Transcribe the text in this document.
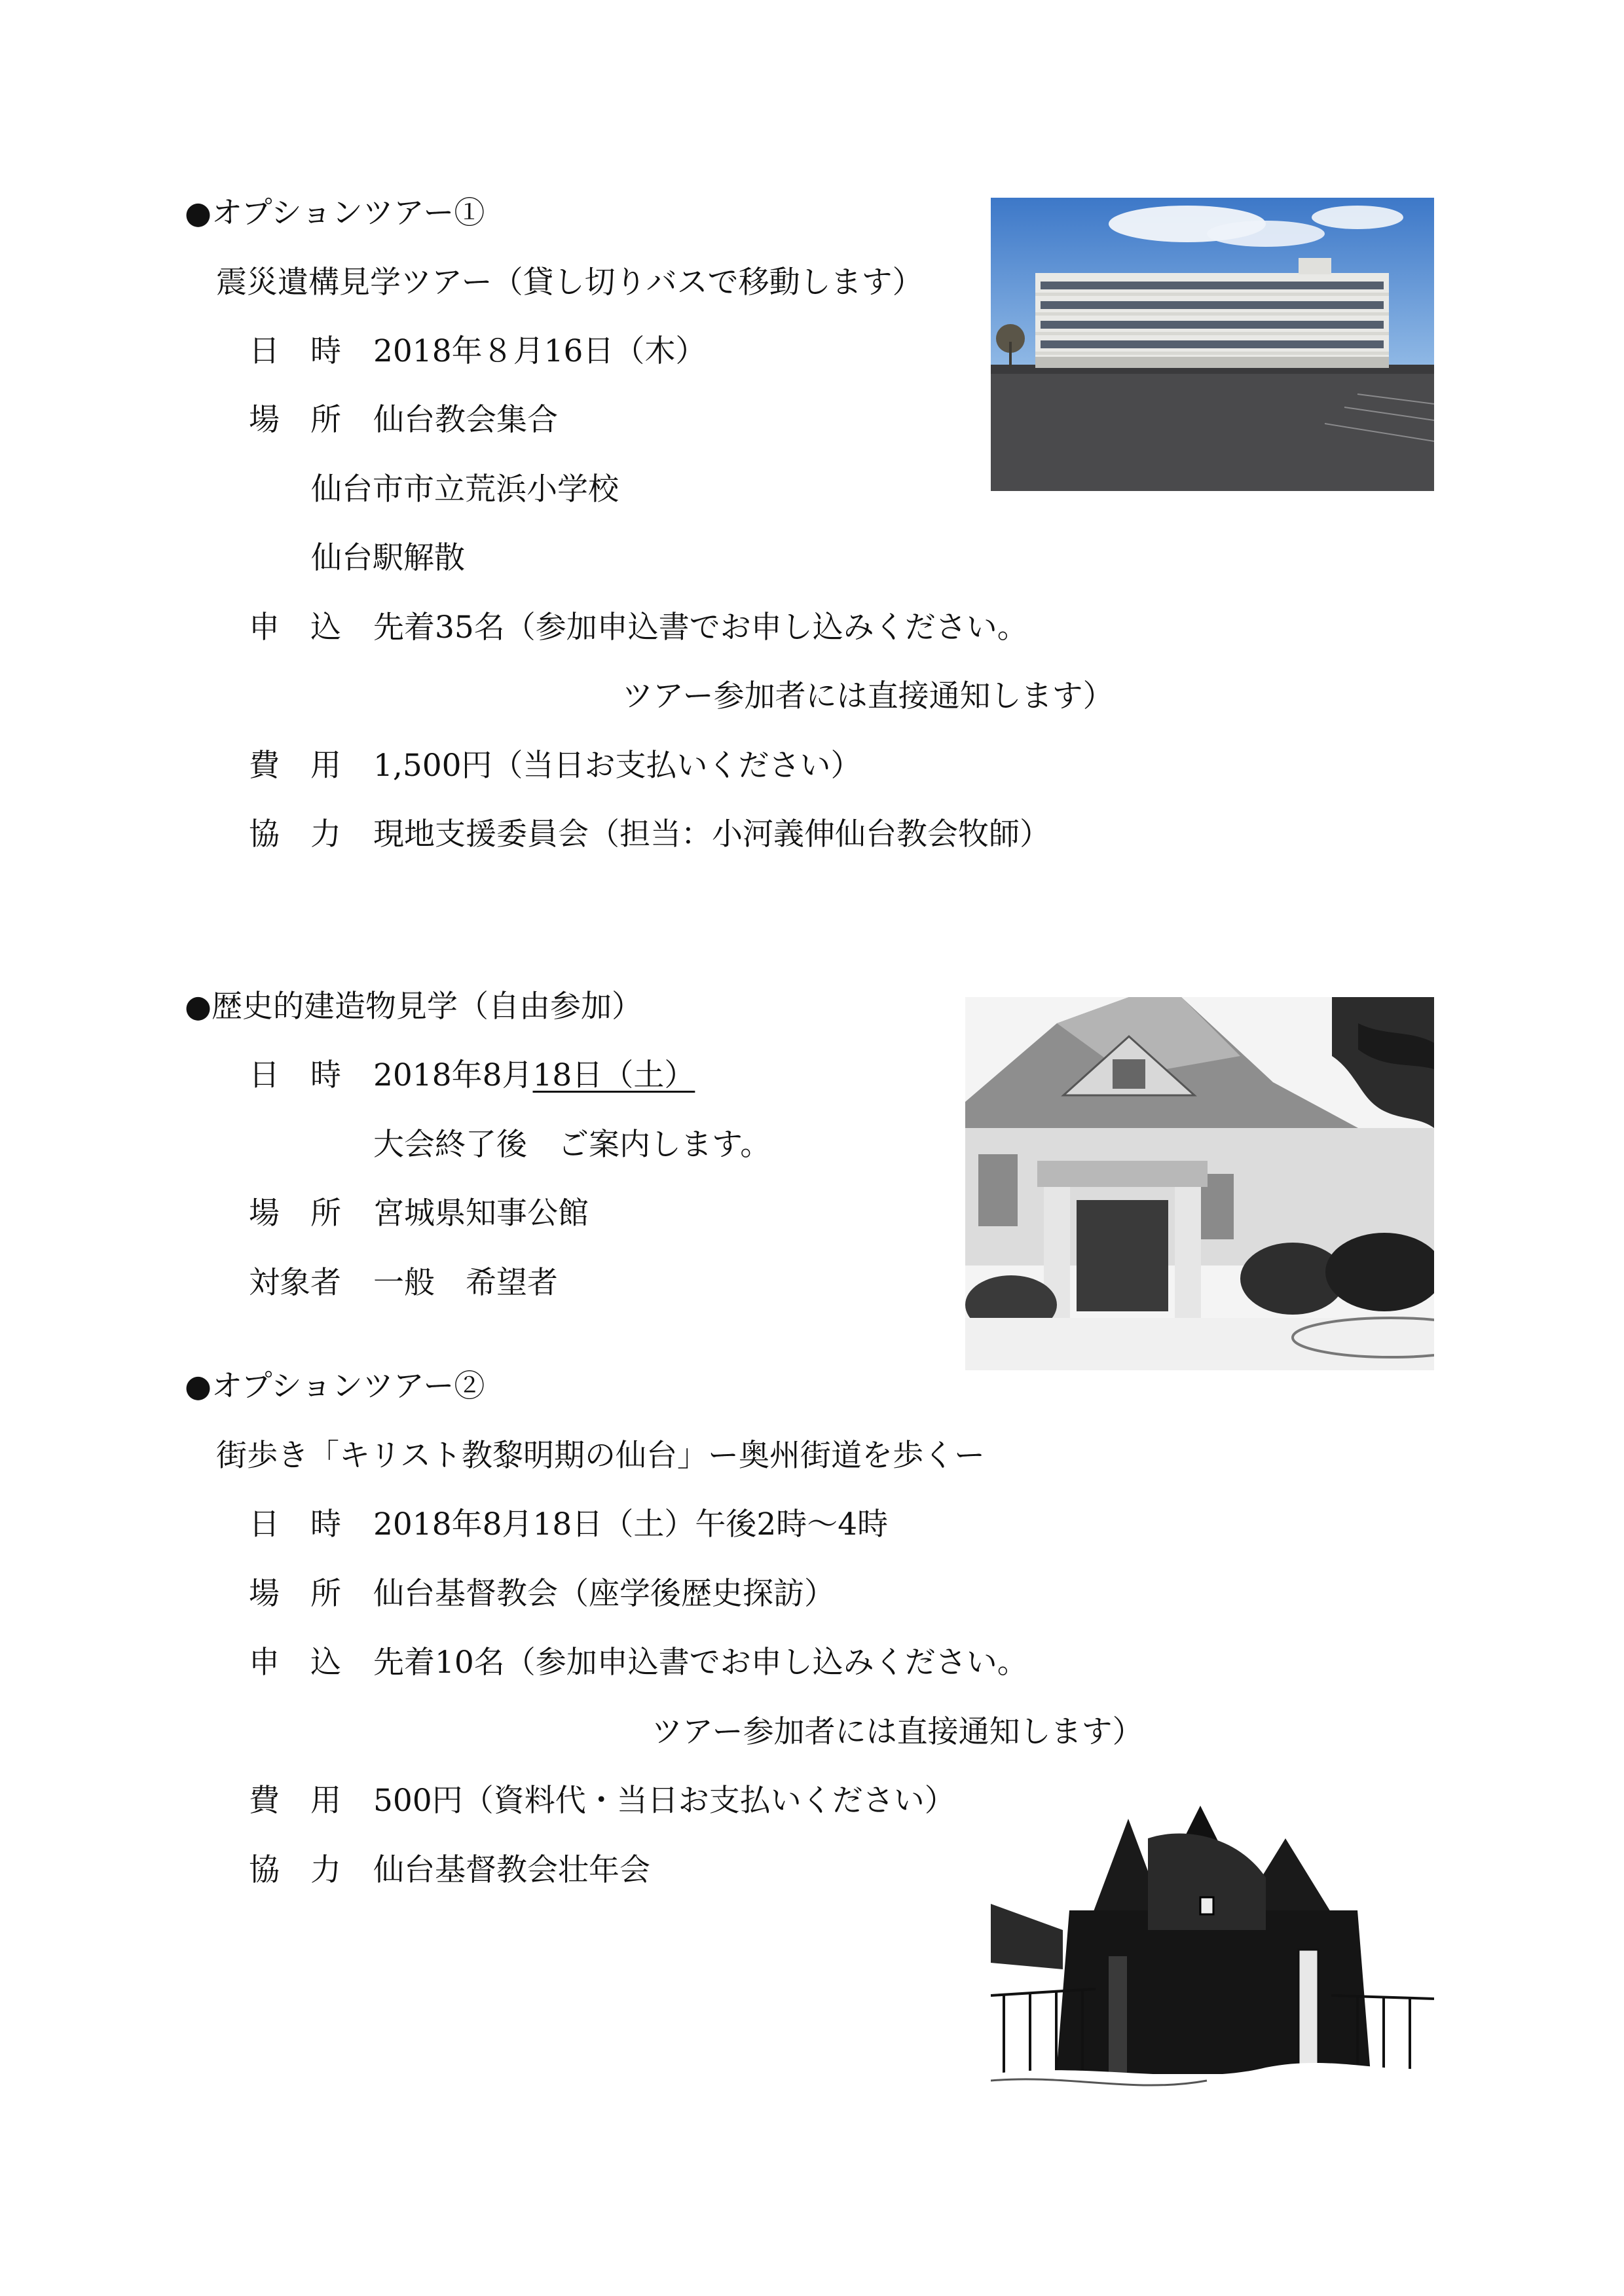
●オプションツアー①
震災遺構見学ツアー（貸し切りバスで移動します）
日　時 2018年８月16日（木）
場　所 仙台教会集合
仙台市市立荒浜小学校
仙台駅解散
申　込 先着35名（参加申込書でお申し込みください。
ツアー参加者には直接通知します）
費　用 1,500円（当日お支払いください）
協　力 現地支援委員会（担当：小河義伸仙台教会牧師）
●歴史的建造物見学（自由参加）
日　時 2018年8月18日（土）
大会終了後　ご案内します。
場　所 宮城県知事公館
対象者 一般　希望者
●オプションツアー②
街歩き「キリスト教黎明期の仙台」ー奥州街道を歩くー
日　時 2018年8月18日（土）午後2時～4時
場　所 仙台基督教会（座学後歴史探訪）
申　込 先着10名（参加申込書でお申し込みください。
ツアー参加者には直接通知します）
費　用 500円（資料代・当日お支払いください）
協　力 仙台基督教会壮年会
